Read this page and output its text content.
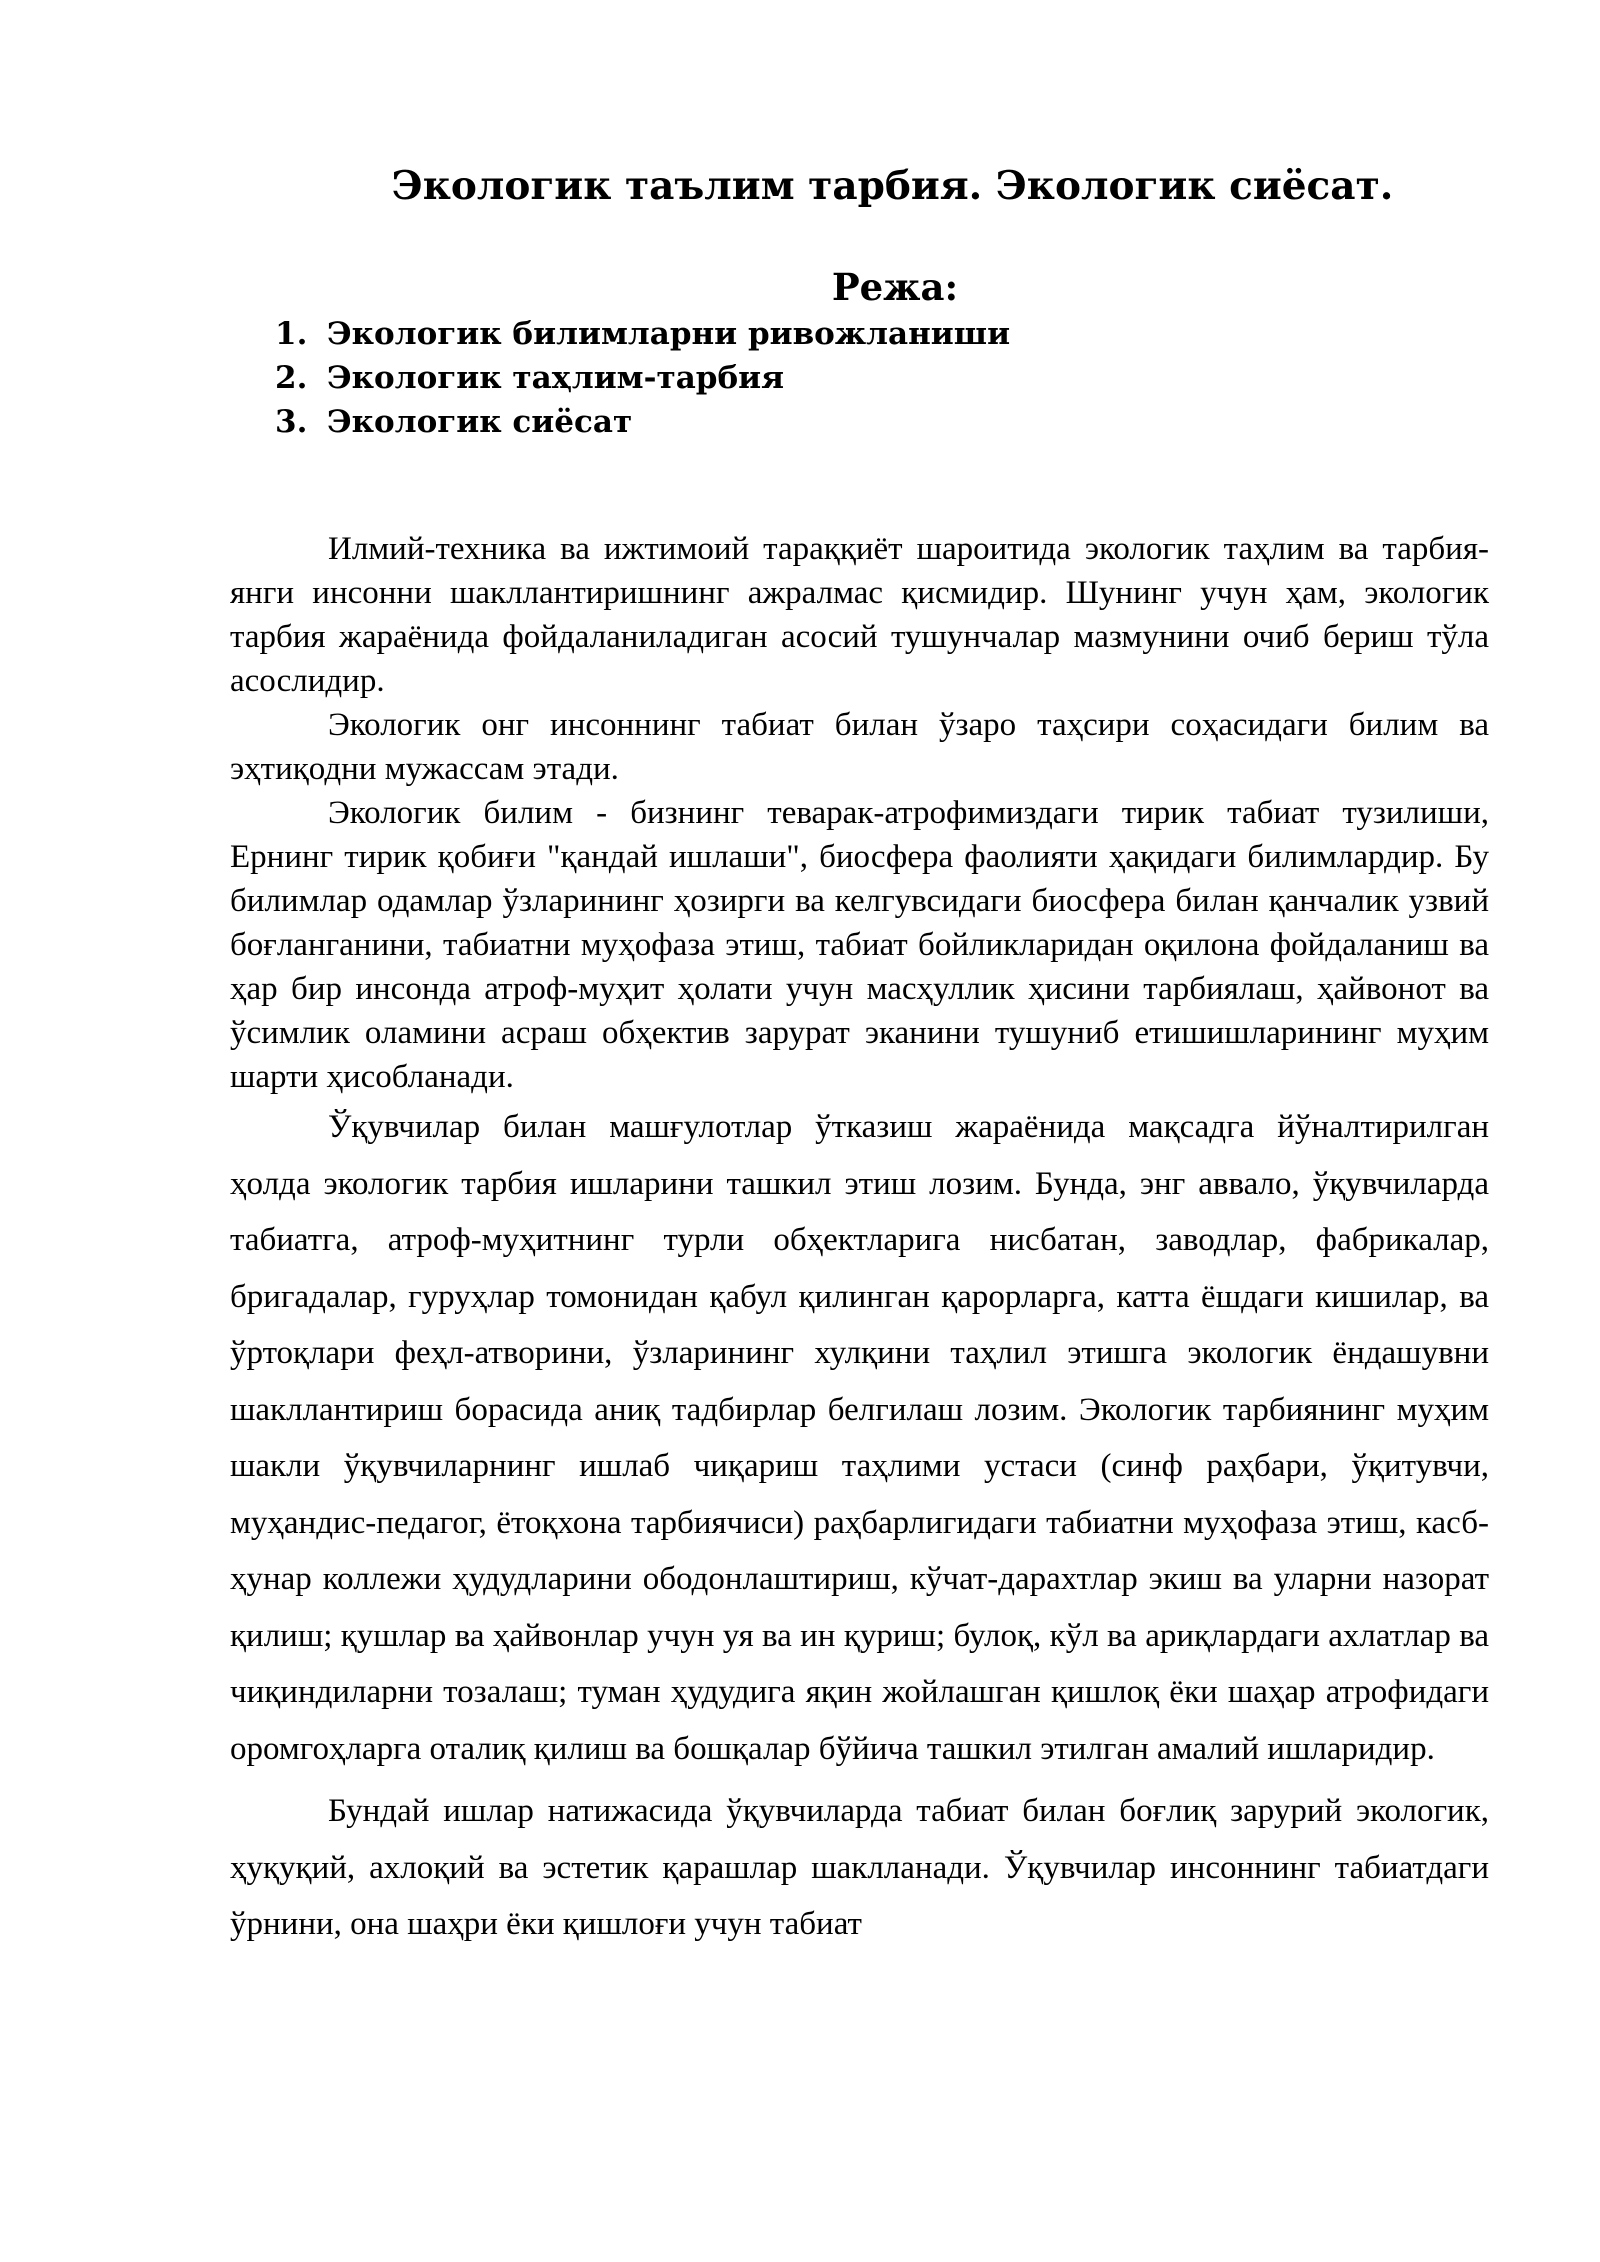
Экологик таълим тарбия. Экологик сиёсат.
Режа:
1. Экологик билимларни ривожланиши
2. Экологик тaҳлим-тарбия
3. Экологик сиёсат

Илмий-техника ва ижтимоий тараққиёт шароитида экологик таҳлим ва тарбия-янги инсонни шакллантиришнинг ажралмас қисмидир. Шунинг учун ҳам, экологик тарбия жараёнида фойдаланиладиган асосий тушунчалар мазмунини очиб бериш тўла асослидир.

Экологик онг инсоннинг табиат билан ўзаро таҳсири соҳасидаги билим ва эҳтиқодни мужассам этади.

Экологик билим - бизнинг теварак-атрофимиздаги тирик табиат тузилиши, Ернинг тирик қобиғи "қандай ишлаши", биосфера фаолияти ҳақидаги билимлардир. Бу билимлар одамлар ўзларининг ҳозирги ва келгувсидаги биосфера билан қанчалик узвий боғланганини, табиатни муҳофаза этиш, табиат бойликларидан оқилона фойдаланиш ва ҳар бир инсонда атроф-муҳит ҳолати учун масҳуллик ҳисини тарбиялаш, ҳайвонот ва ўсимлик оламини асраш обҳектив зарурат эканини тушуниб етишишларининг муҳим шарти ҳисобланади.

Ўқувчилар билан машғулотлар ўтказиш жараёнида мақсадга йўналтирилган ҳолда экологик тарбия ишларини ташкил этиш лозим. Бунда, энг аввало, ўқувчиларда табиатга, атроф-муҳитнинг турли обҳектларига нисбатан, заводлар, фабрикалар, бригадалар, гуруҳлар томонидан қабул қилинган қарорларга, катта ёшдаги кишилар, ва ўртоқлари феҳл-атворини, ўзларининг хулқини таҳлил этишга экологик ёндашувни шакллантириш борасида аниқ тадбирлар белгилаш лозим. Экологик тарбиянинг муҳим шакли ўқувчиларнинг ишлаб чиқариш таҳлими устаси (синф раҳбари, ўқитувчи, муҳандис-педагог, ётоқхона тарбиячиси) раҳбарлигидаги табиатни муҳофаза этиш, касб-ҳунар коллежи ҳудудларини ободонлаштириш, кўчат-дарахтлар экиш ва уларни назорат қилиш; қушлар ва ҳайвонлар учун уя ва ин қуриш; булоқ, кўл ва ариқлардаги ахлатлар ва чиқиндиларни тозалаш; туман ҳудудига яқин жойлашган қишлоқ ёки шаҳар атрофидаги оромгоҳларга оталиқ қилиш ва бошқалар бўйича ташкил этилган амалий ишларидир.

Бундай ишлар натижасида ўқувчиларда табиат билан боғлиқ зарурий экологик, ҳуқуқий, ахлоқий ва эстетик қарашлар шаклланади. Ўқувчилар инсоннинг табиатдаги ўрнини, она шаҳри ёки қишлоғи учун табиат
